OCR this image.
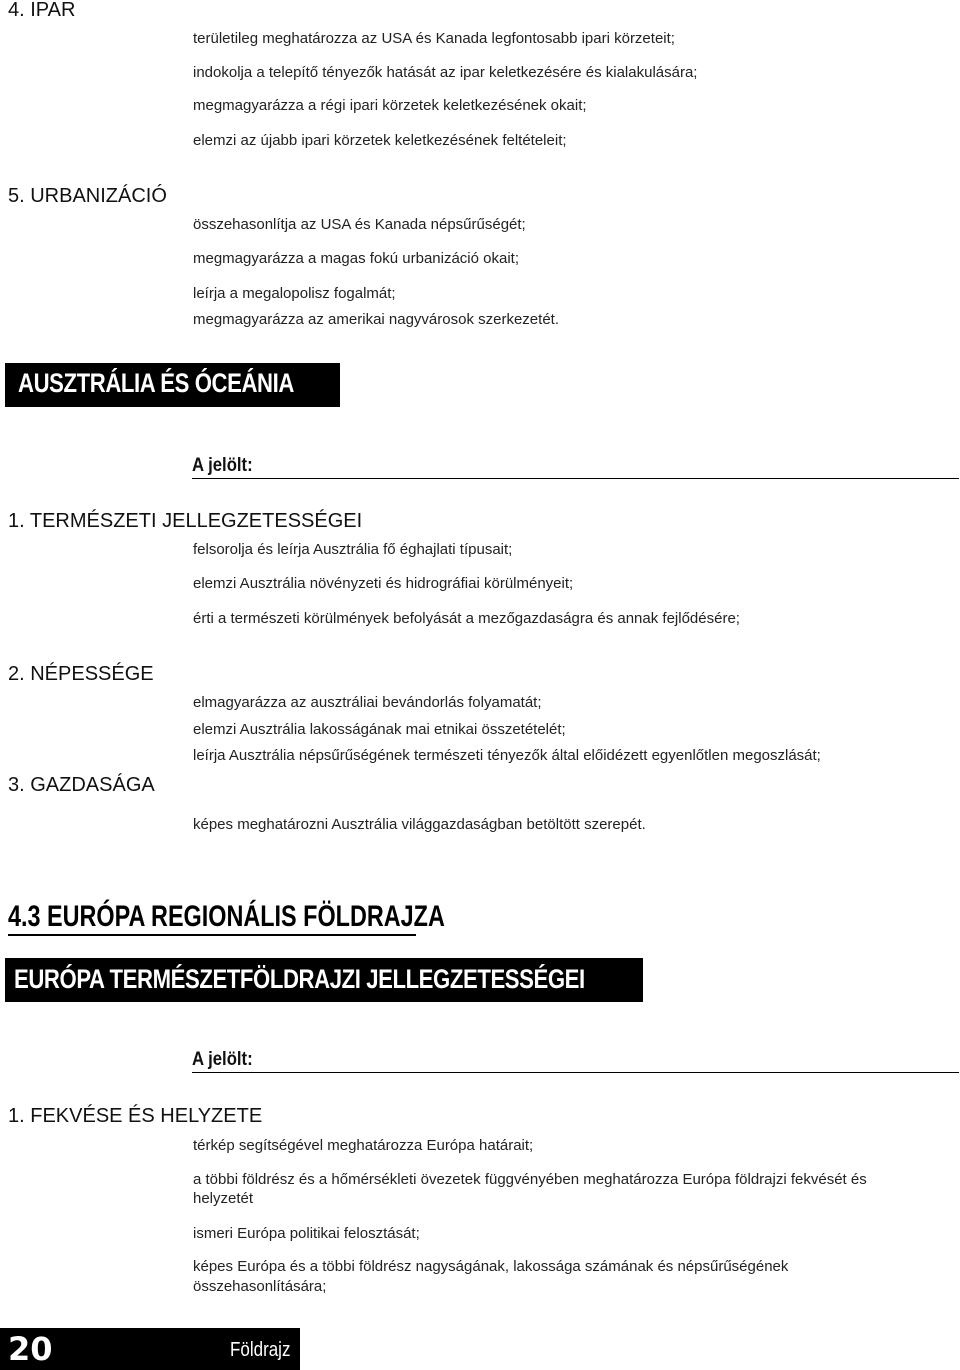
4. IPAR
területileg meghatározza az USA és Kanada legfontosabb ipari körzeteit;
indokolja a telepítő tényezők hatását az ipar keletkezésére és kialakulására;
megmagyarázza a régi ipari körzetek keletkezésének okait;
elemzi az újabb ipari körzetek keletkezésének feltételeit;
5. URBANIZÁCIÓ
összehasonlítja az USA és Kanada népsűrűségét;
megmagyarázza a magas fokú urbanizáció okait;
leírja a megalopolisz fogalmát;
megmagyarázza az amerikai nagyvárosok szerkezetét.
AUSZTRÁLIA ÉS ÓCEÁNIA
A jelölt:
1. TERMÉSZETI JELLEGZETESSÉGEI
felsorolja és leírja Ausztrália fő éghajlati típusait;
elemzi Ausztrália növényzeti és hidrográfiai körülményeit;
érti a természeti körülmények befolyását a mezőgazdaságra és annak fejlődésére;
2. NÉPESSÉGE
elmagyarázza az ausztráliai bevándorlás folyamatát;
elemzi Ausztrália lakosságának mai etnikai összetételét;
leírja Ausztrália népsűrűségének természeti tényezők által előidézett egyenlőtlen megoszlását;
3. GAZDASÁGA
képes meghatározni Ausztrália világgazdaságban betöltött szerepét.
4.3 EURÓPA REGIONÁLIS FÖLDRAJZA
EURÓPA TERMÉSZETFÖLDRAJZI JELLEGZETESSÉGEI
A jelölt:
1. FEKVÉSE ÉS HELYZETE
térkép segítségével meghatározza Európa határait;
a többi földrész és a hőmérsékleti övezetek függvényében meghatározza Európa földrajzi fekvését és
helyzetét
ismeri Európa politikai felosztását;
képes Európa és a többi földrész nagyságának, lakossága számának és népsűrűségének
összehasonlítására;
20	Földrajz
